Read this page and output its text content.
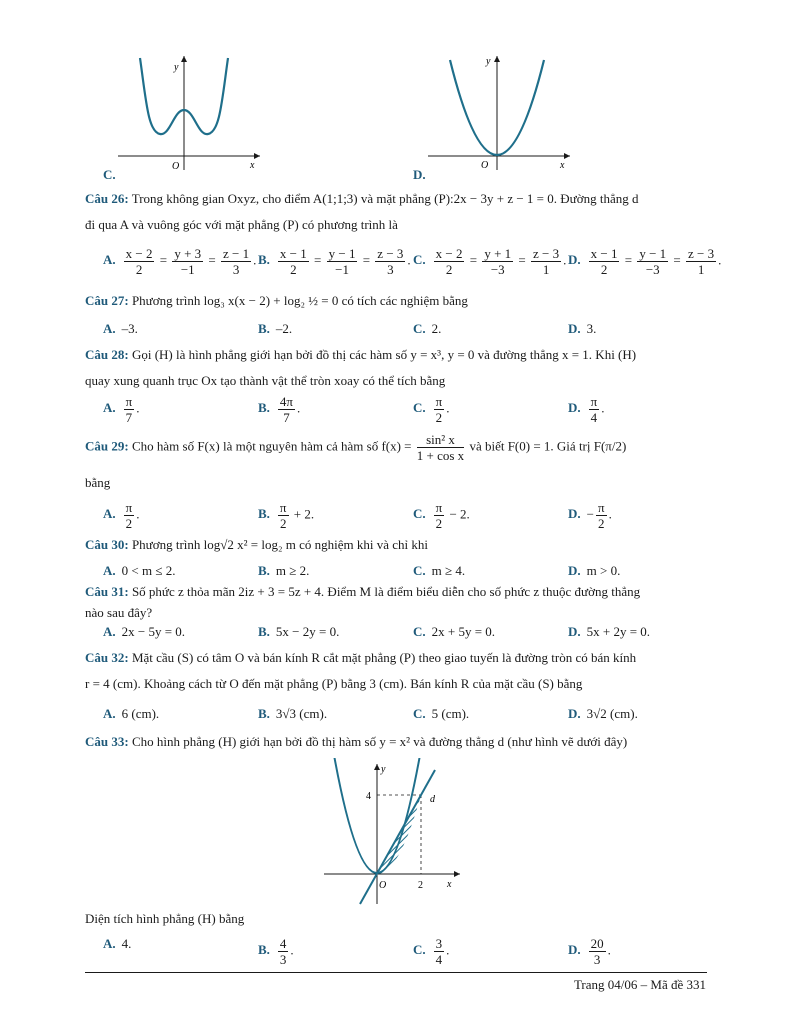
y
x
O
C.
y
x
O
D.
Câu 26: Trong không gian Oxyz, cho điểm A(1;1;3) và mặt phẳng (P):2x − 3y + z − 1 = 0. Đường thẳng d
đi qua A và vuông góc với mặt phẳng (P) có phương trình là
A. $\frac{x - 2}{2} = \frac{y + 3}{-1} = \frac{z - 1}{3}$ . B. $\frac{x - 1}{2} = \frac{y - 1}{-1} = \frac{z - 3}{3}$ . C. $\frac{x - 2}{2} = \frac{y + 1}{-3} = \frac{z - 3}{1}$ . D. $\frac{x - 1}{2} = \frac{y - 1}{-3} = \frac{z - 3}{1}$ .
Câu 27: Phương trình log₃ x(x − 2) + log₂ ½ = 0 có tích các nghiệm bằng
A. –3.	B. –2.	C. 2.	D. 3.
Câu 28: Gọi (H) là hình phẳng giới hạn bởi đồ thị các hàm số y = x³, y = 0 và đường thẳng x = 1. Khi (H)
quay xung quanh trục Ox tạo thành vật thể tròn xoay có thể tích bằng
A. $\frac{\pi}{7}$ .	B. $\frac{4\pi}{7}$ .	C. $\frac{\pi}{2}$ .	D. $\frac{\pi}{4}$ .
Câu 29: Cho hàm số F(x) là một nguyên hàm cả hàm số $f(x) = \frac{\text{sin² x}}{\text{1 + cos x}}$ và biết F(0) = 1. Giá trị F(π/2)
bằng
A. $\frac{\pi}{2}$ .	B. $\frac{\pi}{2} + 2$.	C. $\frac{\pi}{2} - 2$.	D. − $\frac{\pi}{2}$ .
Câu 30: Phương trình log√2 x² = log₂ m có nghiệm khi và chỉ khi
A. 0 < m ≤ 2.	B. m ≥ 2.	C. m ≥ 4.	D. m > 0.
Câu 31: Số phức z thỏa mãn 2iz + 3 = 5z + 4. Điểm M là điểm biểu diễn cho số phức z thuộc đường thẳng
nào sau đây?
A. 2x − 5y = 0.	B. 5x − 2y = 0.	C. 2x + 5y = 0.	D. 5x + 2y = 0.
Câu 32: Mặt cầu (S) có tâm O và bán kính R cắt mặt phẳng (P) theo giao tuyến là đường tròn có bán kính
r = 4 (cm). Khoảng cách từ O đến mặt phẳng (P) bằng 3 (cm). Bán kính R của mặt cầu (S) bằng
A. 6 (cm).	B. 3√3 (cm).	C. 5 (cm).	D. 3√2 (cm).
Câu 33: Cho hình phẳng (H) giới hạn bởi đồ thị hàm số y = x² và đường thẳng d (như hình vẽ dưới đây)
y
x
O
4
2
d
Diện tích hình phẳng (H) bằng
A. 4.	B. $\frac{4}{3}$ .	C. $\frac{3}{4}$ .	D. $\frac{20}{3}$ .
Trang 04/06 – Mã đề 331
